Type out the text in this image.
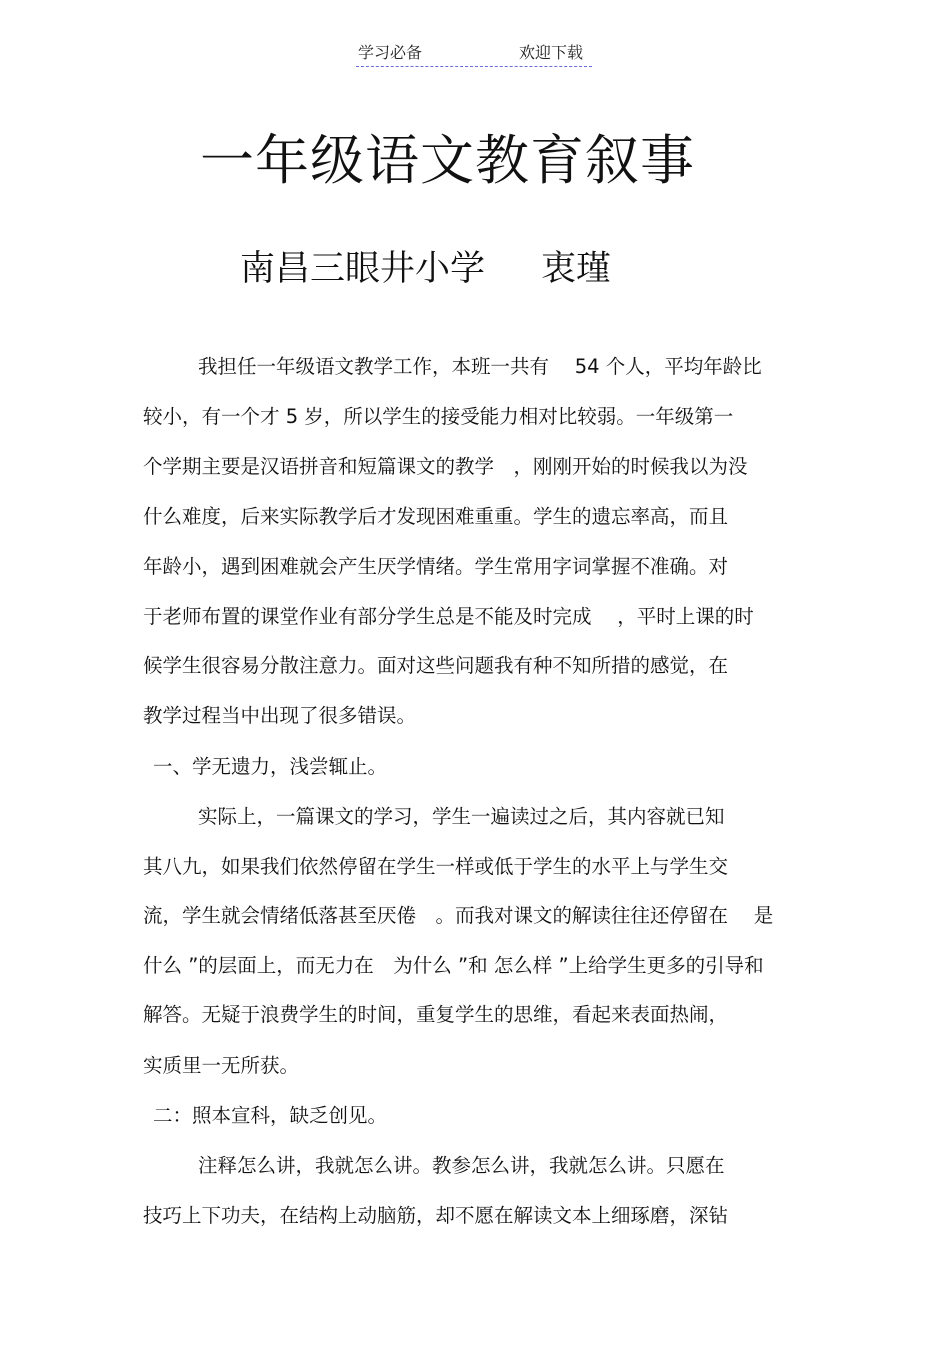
学习必备	欢迎下载
一年级语文教育叙事
南昌三眼井小学 衷瑾
我担任一年级语文教学工作，本班一共有　 54 个人，平均年龄比
较小，有一个才 5 岁，所以学生的接受能力相对比较弱。一年级第一
个学期主要是汉语拼音和短篇课文的教学　，刚刚开始的时候我以为没
什么难度，后来实际教学后才发现困难重重。学生的遗忘率高，而且
年龄小，遇到困难就会产生厌学情绪。学生常用字词掌握不准确。对
于老师布置的课堂作业有部分学生总是不能及时完成　 ，平时上课的时
候学生很容易分散注意力。面对这些问题我有种不知所措的感觉，在
教学过程当中出现了很多错误。
一、学无遗力，浅尝辄止。
实际上，一篇课文的学习，学生一遍读过之后，其内容就已知
其八九，如果我们依然停留在学生一样或低于学生的水平上与学生交
流，学生就会情绪低落甚至厌倦　。而我对课文的解读往往还停留在　 是
什么 ”的层面上，而无力在　为什么 ”和 怎么样 ”上给学生更多的引导和
解答。无疑于浪费学生的时间，重复学生的思维，看起来表面热闹，
实质里一无所获。
二：照本宣科，缺乏创见。
注释怎么讲，我就怎么讲。教参怎么讲，我就怎么讲。只愿在
技巧上下功夫，在结构上动脑筋，却不愿在解读文本上细琢磨，深钻
